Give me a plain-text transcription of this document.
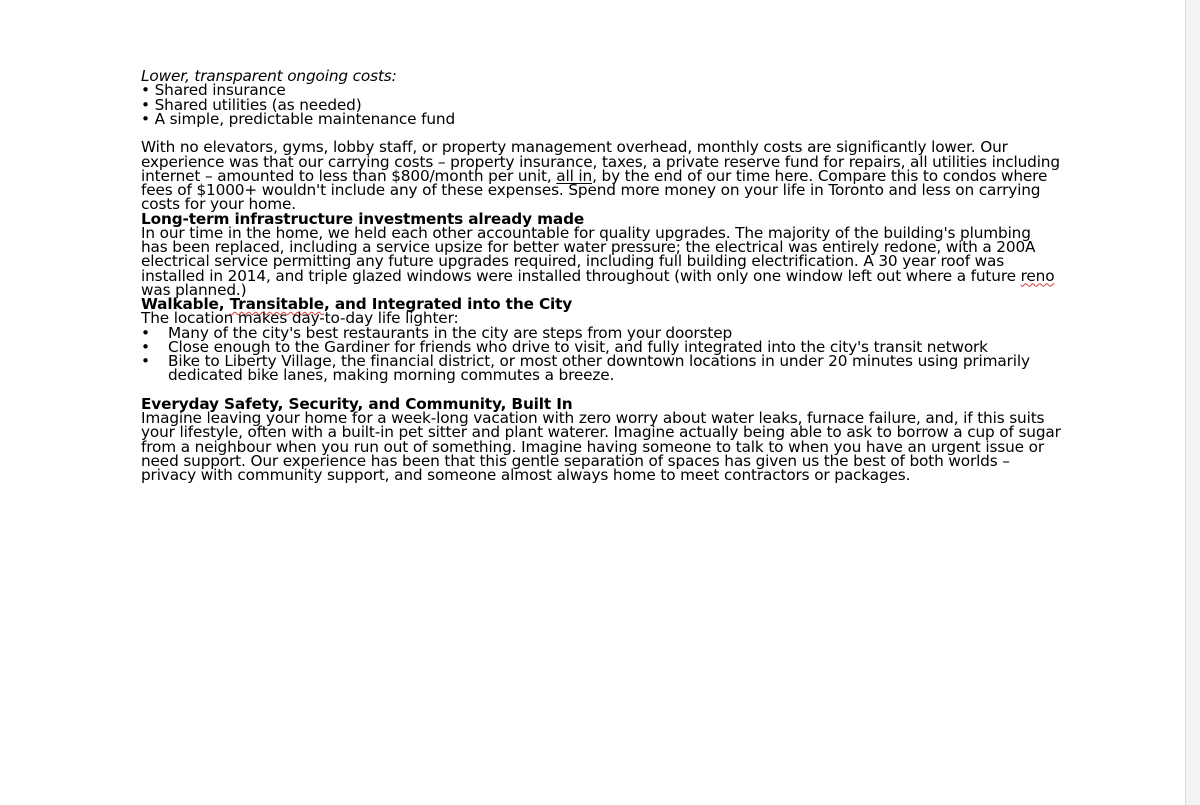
Lower, transparent ongoing costs:

• Shared insurance

• Shared utilities (as needed)

• A simple, predictable maintenance fund

With no elevators, gyms, lobby staff, or property management overhead, monthly costs are significantly lower. Our experience was that our carrying costs – property insurance, taxes, a private reserve fund for repairs, all utilities including internet – amounted to less than $800/month per unit, all in, by the end of our time here. Compare this to condos where fees of $1000+ wouldn't include any of these expenses. Spend more money on your life in Toronto and less on carrying costs for your home.

Long-term infrastructure investments already made

In our time in the home, we held each other accountable for quality upgrades. The majority of the building's plumbing has been replaced, including a service upsize for better water pressure; the electrical was entirely redone, with a 200A electrical service permitting any future upgrades required, including full building electrification. A 30 year roof was installed in 2014, and triple glazed windows were installed throughout (with only one window left out where a future reno was planned.)

Walkable, Transitable, and Integrated into the City

The location makes day-to-day life lighter:

• Many of the city's best restaurants in the city are steps from your doorstep
• Close enough to the Gardiner for friends who drive to visit, and fully integrated into the city's transit network
• Bike to Liberty Village, the financial district, or most other downtown locations in under 20 minutes using primarily dedicated bike lanes, making morning commutes a breeze.

Everyday Safety, Security, and Community, Built In

Imagine leaving your home for a week-long vacation with zero worry about water leaks, furnace failure, and, if this suits your lifestyle, often with a built-in pet sitter and plant waterer. Imagine actually being able to ask to borrow a cup of sugar from a neighbour when you run out of something. Imagine having someone to talk to when you have an urgent issue or need support. Our experience has been that this gentle separation of spaces has given us the best of both worlds – privacy with community support, and someone almost always home to meet contractors or packages.
